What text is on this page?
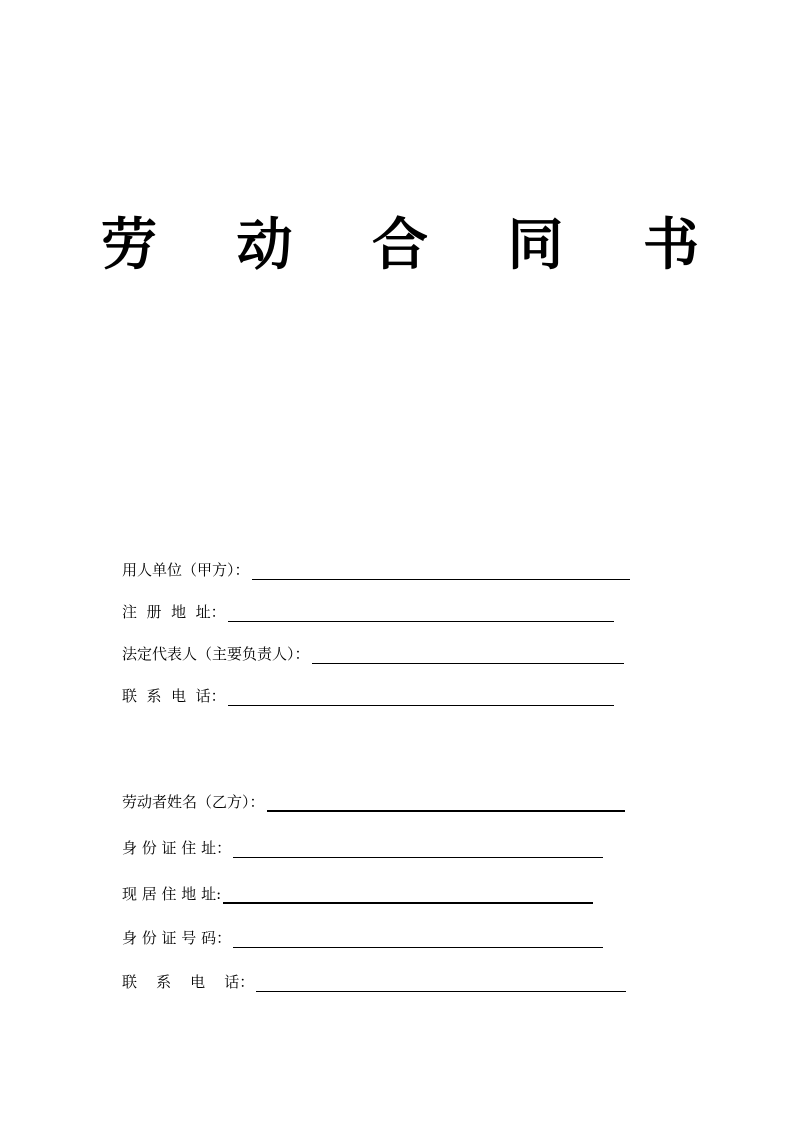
劳 动 合 同 书
用人单位（甲方）：
注  册  地  址：
法定代表人（主要负责人）：
联  系  电  话：
劳动者姓名（乙方）：
身 份 证 住 址：
现 居 住 地 址:
身 份 证 号 码：
联    系    电    话：
